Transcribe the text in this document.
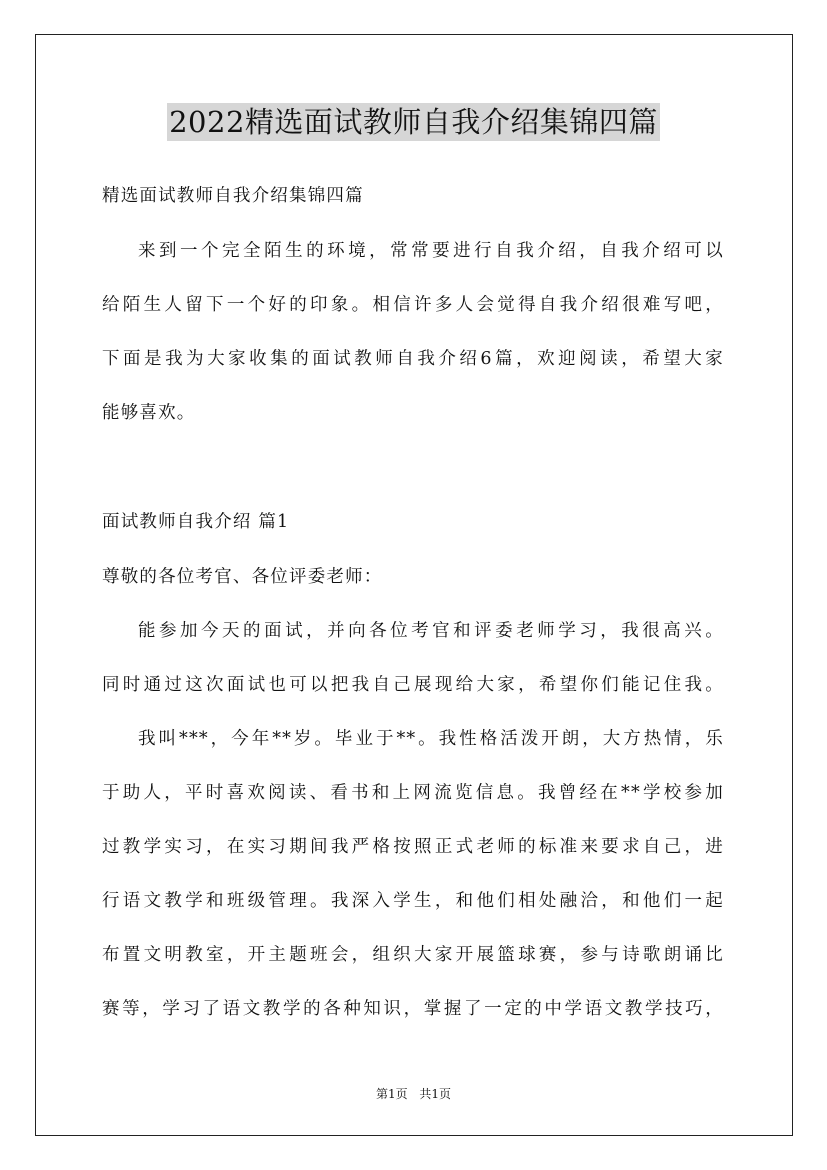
2022精选面试教师自我介绍集锦四篇
精选面试教师自我介绍集锦四篇
来到一个完全陌生的环境，常常要进行自我介绍，自我介绍可以
给陌生人留下一个好的印象。相信许多人会觉得自我介绍很难写吧，
下面是我为大家收集的面试教师自我介绍6篇，欢迎阅读，希望大家
能够喜欢。
面试教师自我介绍 篇1
尊敬的各位考官、各位评委老师：
能参加今天的面试，并向各位考官和评委老师学习，我很高兴。
同时通过这次面试也可以把我自己展现给大家，希望你们能记住我。
我叫***，今年**岁。毕业于**。我性格活泼开朗，大方热情，乐
于助人，平时喜欢阅读、看书和上网流览信息。我曾经在**学校参加
过教学实习，在实习期间我严格按照正式老师的标准来要求自己，进
行语文教学和班级管理。我深入学生，和他们相处融洽，和他们一起
布置文明教室，开主题班会，组织大家开展篮球赛，参与诗歌朗诵比
赛等，学习了语文教学的各种知识，掌握了一定的中学语文教学技巧，
第1页 共1页
